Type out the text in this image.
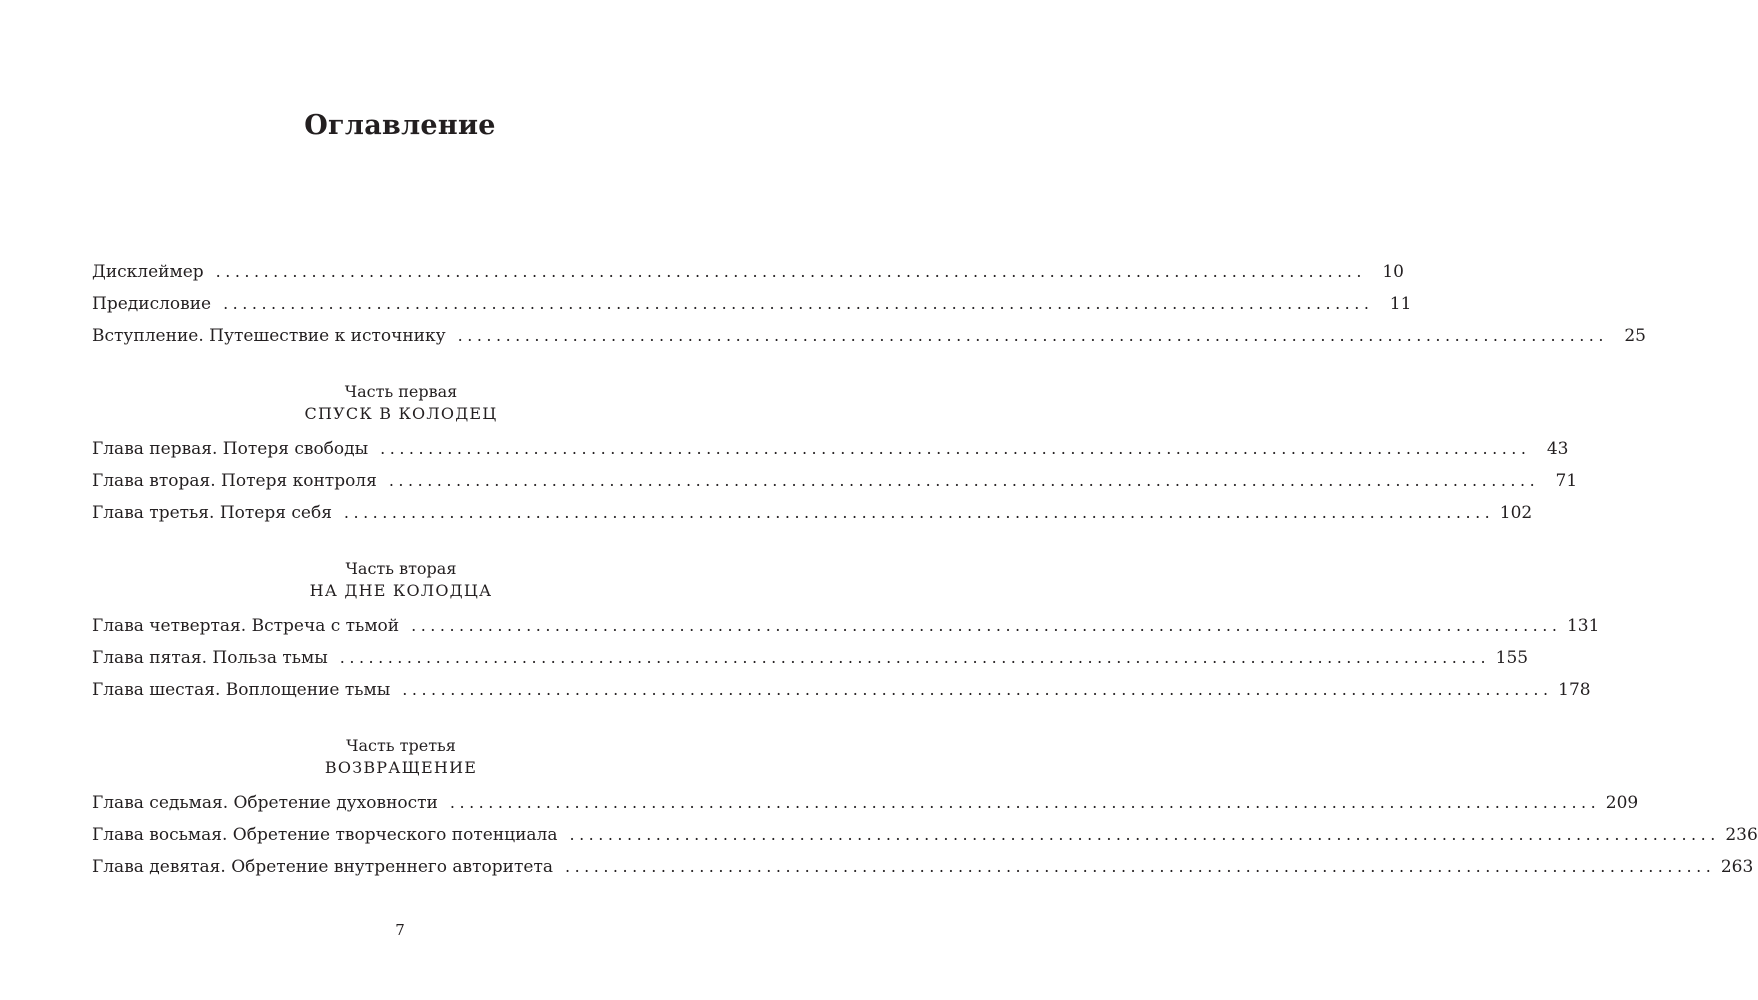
Оглавление
Дисклеймер ........................................................................................................................ 10
Предисловие ........................................................................................................................ 11
Вступление. Путешествие к источнику ........................................................................................................................ 25
Часть первая
СПУСК В КОЛОДЕЦ
Глава первая. Потеря свободы ........................................................................................................................ 43
Глава вторая. Потеря контроля ........................................................................................................................ 71
Глава третья. Потеря себя ........................................................................................................................ 102
Часть вторая
НА ДНЕ КОЛОДЦА
Глава четвертая. Встреча с тьмой ........................................................................................................................ 131
Глава пятая. Польза тьмы ........................................................................................................................ 155
Глава шестая. Воплощение тьмы ........................................................................................................................ 178
Часть третья
ВОЗВРАЩЕНИЕ
Глава седьмая. Обретение духовности ........................................................................................................................ 209
Глава восьмая. Обретение творческого потенциала ........................................................................................................................ 236
Глава девятая. Обретение внутреннего авторитета ........................................................................................................................ 263
7
